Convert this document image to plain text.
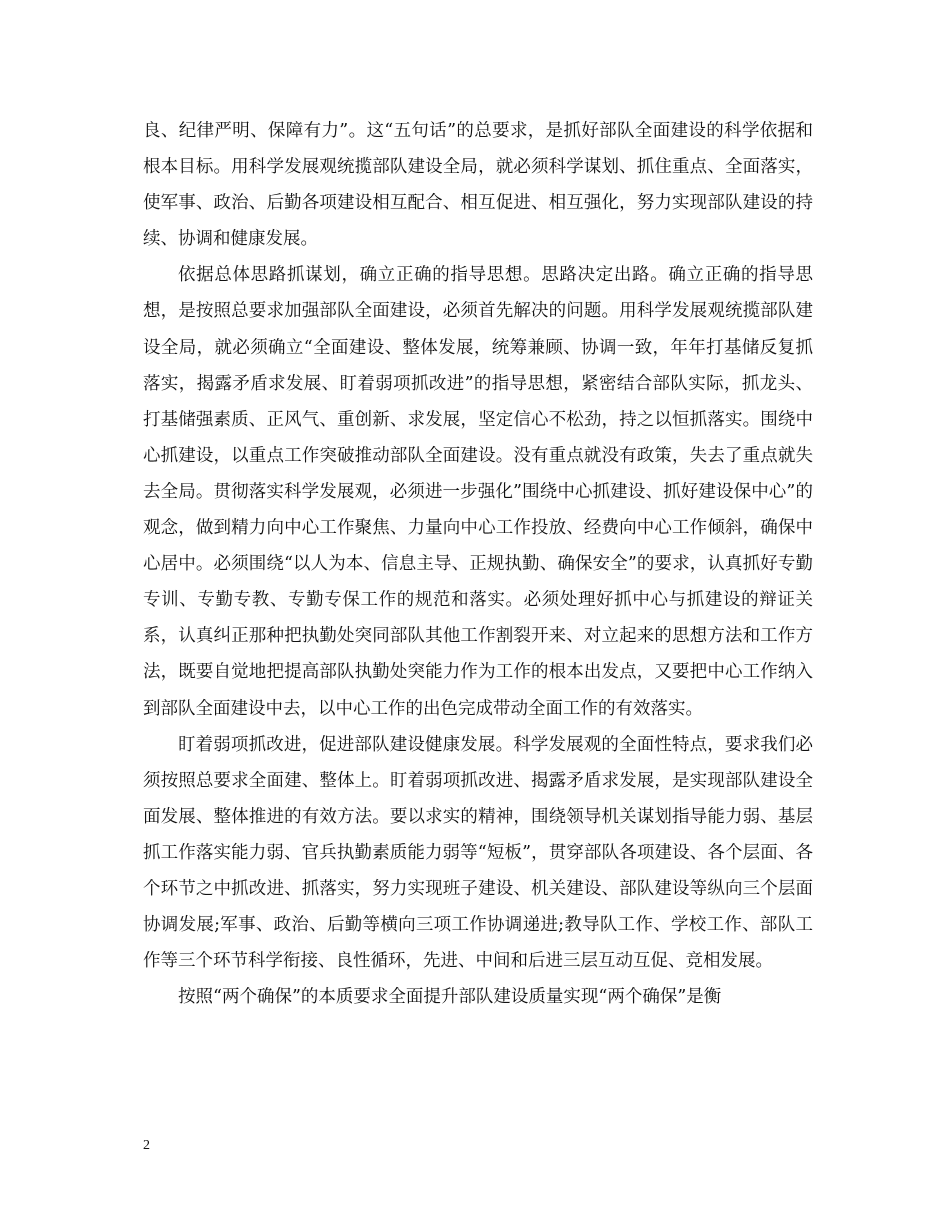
良、纪律严明、保障有力”。这“五句话”的总要求，是抓好部队全面建设的科学依据和根本目标。用科学发展观统揽部队建设全局，就必须科学谋划、抓住重点、全面落实，使军事、政治、后勤各项建设相互配合、相互促进、相互强化，努力实现部队建设的持续、协调和健康发展。

依据总体思路抓谋划，确立正确的指导思想。思路决定出路。确立正确的指导思想，是按照总要求加强部队全面建设，必须首先解决的问题。用科学发展观统揽部队建设全局，就必须确立“全面建设、整体发展，统筹兼顾、协调一致，年年打基储反复抓落实，揭露矛盾求发展、盯着弱项抓改进”的指导思想，紧密结合部队实际，抓龙头、打基储强素质、正风气、重创新、求发展，坚定信心不松劲，持之以恒抓落实。围绕中心抓建设，以重点工作突破推动部队全面建设。没有重点就没有政策，失去了重点就失去全局。贯彻落实科学发展观，必须进一步强化”围绕中心抓建设、抓好建设保中心”的观念，做到精力向中心工作聚焦、力量向中心工作投放、经费向中心工作倾斜，确保中心居中。必须围绕“以人为本、信息主导、正规执勤、确保安全”的要求，认真抓好专勤专训、专勤专教、专勤专保工作的规范和落实。必须处理好抓中心与抓建设的辩证关系，认真纠正那种把执勤处突同部队其他工作割裂开来、对立起来的思想方法和工作方法，既要自觉地把提高部队执勤处突能力作为工作的根本出发点，又要把中心工作纳入到部队全面建设中去，以中心工作的出色完成带动全面工作的有效落实。

盯着弱项抓改进，促进部队建设健康发展。科学发展观的全面性特点，要求我们必须按照总要求全面建、整体上。盯着弱项抓改进、揭露矛盾求发展，是实现部队建设全面发展、整体推进的有效方法。要以求实的精神，围绕领导机关谋划指导能力弱、基层抓工作落实能力弱、官兵执勤素质能力弱等“短板”，贯穿部队各项建设、各个层面、各个环节之中抓改进、抓落实，努力实现班子建设、机关建设、部队建设等纵向三个层面协调发展;军事、政治、后勤等横向三项工作协调递进;教导队工作、学校工作、部队工作等三个环节科学衔接、良性循环，先进、中间和后进三层互动互促、竞相发展。

按照“两个确保”的本质要求全面提升部队建设质量实现“两个确保”是衡

2
